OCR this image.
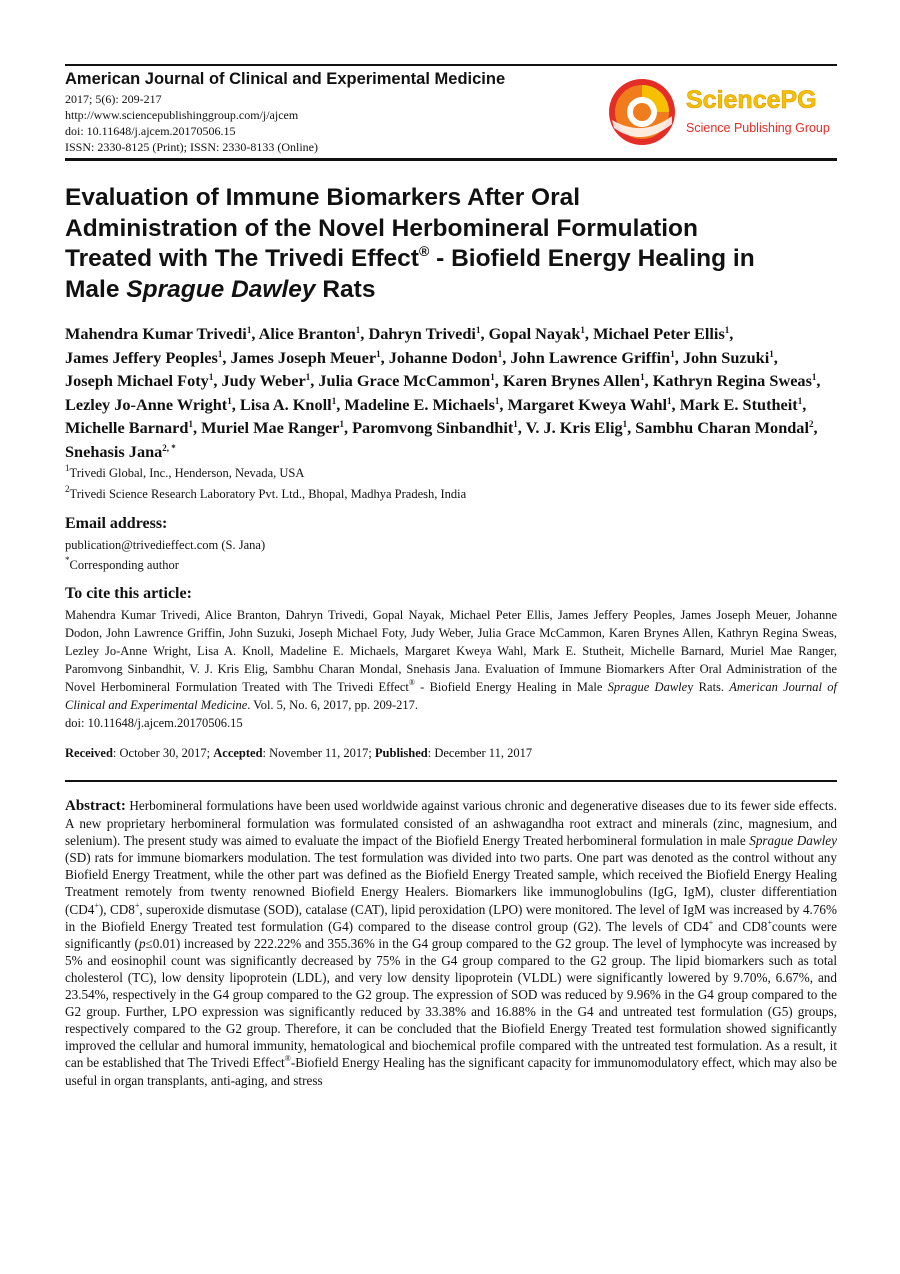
American Journal of Clinical and Experimental Medicine
2017; 5(6): 209-217
http://www.sciencepublishinggroup.com/j/ajcem
doi: 10.11648/j.ajcem.20170506.15
ISSN: 2330-8125 (Print); ISSN: 2330-8133 (Online)
SciencePG
Science Publishing Group
Evaluation of Immune Biomarkers After Oral
Administration of the Novel Herbomineral Formulation
Treated with The Trivedi Effect® - Biofield Energy Healing in
Male Sprague Dawley Rats
Mahendra Kumar Trivedi$^1$, Alice Branton$^1$, Dahryn Trivedi$^1$, Gopal Nayak$^1$, Michael Peter Ellis$^1$, James Jeffery Peoples$^1$, James Joseph Meuer$^1$, Johanne Dodon$^1$, John Lawrence Griffin$^1$, John Suzuki$^1$, Joseph Michael Foty$^1$, Judy Weber$^1$, Julia Grace McCammon$^1$, Karen Brynes Allen$^1$, Kathryn Regina Sweas$^1$, Lezley Jo-Anne Wright$^1$, Lisa A. Knoll$^1$, Madeline E. Michaels$^1$, Margaret Kweya Wahl$^1$, Mark E. Stutheit$^1$, Michelle Barnard$^1$, Muriel Mae Ranger$^1$, Paromvong Sinbandhit$^1$, V. J. Kris Elig$^1$, Sambhu Charan Mondal$^2$, Snehasis Jana$^{2, *}$
$^1$Trivedi Global, Inc., Henderson, Nevada, USA
$^2$Trivedi Science Research Laboratory Pvt. Ltd., Bhopal, Madhya Pradesh, India
Email address:
publication@trivedieffect.com (S. Jana)
*Corresponding author
To cite this article:
Mahendra Kumar Trivedi, Alice Branton, Dahryn Trivedi, Gopal Nayak, Michael Peter Ellis, James Jeffery Peoples, James Joseph Meuer, Johanne Dodon, John Lawrence Griffin, John Suzuki, Joseph Michael Foty, Judy Weber, Julia Grace McCammon, Karen Brynes Allen, Kathryn Regina Sweas, Lezley Jo-Anne Wright, Lisa A. Knoll, Madeline E. Michaels, Margaret Kweya Wahl, Mark E. Stutheit, Michelle Barnard, Muriel Mae Ranger, Paromvong Sinbandhit, V. J. Kris Elig, Sambhu Charan Mondal, Snehasis Jana. Evaluation of Immune Biomarkers After Oral Administration of the Novel Herbomineral Formulation Treated with The Trivedi Effect® - Biofield Energy Healing in Male Sprague Dawley Rats. American Journal of Clinical and Experimental Medicine. Vol. 5, No. 6, 2017, pp. 209-217.
doi: 10.11648/j.ajcem.20170506.15
Received: October 30, 2017; Accepted: November 11, 2017; Published: December 11, 2017
Abstract: Herbomineral formulations have been used worldwide against various chronic and degenerative diseases due to its fewer side effects. A new proprietary herbomineral formulation was formulated consisted of an ashwagandha root extract and minerals (zinc, magnesium, and selenium). The present study was aimed to evaluate the impact of the Biofield Energy Treated herbomineral formulation in male Sprague Dawley (SD) rats for immune biomarkers modulation. The test formulation was divided into two parts. One part was denoted as the control without any Biofield Energy Treatment, while the other part was defined as the Biofield Energy Treated sample, which received the Biofield Energy Healing Treatment remotely from twenty renowned Biofield Energy Healers. Biomarkers like immunoglobulins (IgG, IgM), cluster differentiation (CD4+), CD8+, superoxide dismutase (SOD), catalase (CAT), lipid peroxidation (LPO) were monitored. The level of IgM was increased by 4.76% in the Biofield Energy Treated test formulation (G4) compared to the disease control group (G2). The levels of CD4+ and CD8+counts were significantly (p≤0.01) increased by 222.22% and 355.36% in the G4 group compared to the G2 group. The level of lymphocyte was increased by 5% and eosinophil count was significantly decreased by 75% in the G4 group compared to the G2 group. The lipid biomarkers such as total cholesterol (TC), low density lipoprotein (LDL), and very low density lipoprotein (VLDL) were significantly lowered by 9.70%, 6.67%, and 23.54%, respectively in the G4 group compared to the G2 group. The expression of SOD was reduced by 9.96% in the G4 group compared to the G2 group. Further, LPO expression was significantly reduced by 33.38% and 16.88% in the G4 and untreated test formulation (G5) groups, respectively compared to the G2 group. Therefore, it can be concluded that the Biofield Energy Treated test formulation showed significantly improved the cellular and humoral immunity, hematological and biochemical profile compared with the untreated test formulation. As a result, it can be established that The Trivedi Effect®-Biofield Energy Healing has the significant capacity for immunomodulatory effect, which may also be useful in organ transplants, anti-aging, and stress
